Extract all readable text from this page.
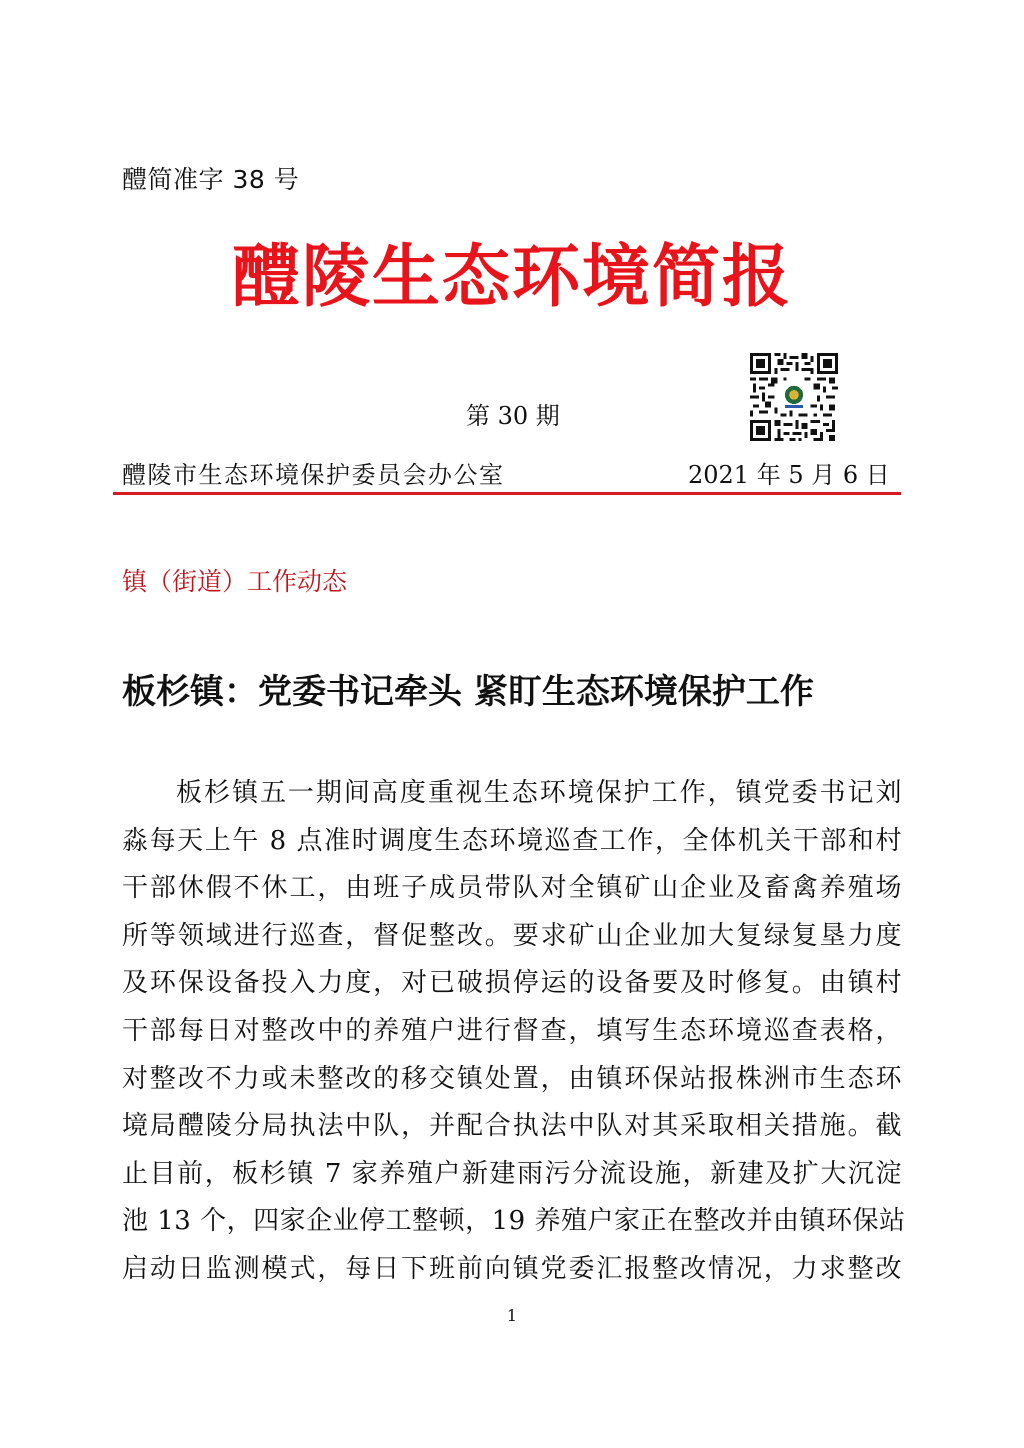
醴简准字 38 号
醴陵生态环境简报
第 30 期
醴陵市生态环境保护委员会办公室	2021 年 5 月 6 日
镇（街道）工作动态
板杉镇：党委书记牵头 紧盯生态环境保护工作
板杉镇五一期间高度重视生态环境保护工作，镇党委书记刘
淼每天上午 8 点准时调度生态环境巡查工作，全体机关干部和村
干部休假不休工，由班子成员带队对全镇矿山企业及畜禽养殖场
所等领域进行巡查，督促整改。要求矿山企业加大复绿复垦力度
及环保设备投入力度，对已破损停运的设备要及时修复。由镇村
干部每日对整改中的养殖户进行督查，填写生态环境巡查表格，
对整改不力或未整改的移交镇处置，由镇环保站报株洲市生态环
境局醴陵分局执法中队，并配合执法中队对其采取相关措施。截
止目前，板杉镇 7 家养殖户新建雨污分流设施，新建及扩大沉淀
池 13 个，四家企业停工整顿，19 养殖户家正在整改并由镇环保站
启动日监测模式，每日下班前向镇党委汇报整改情况，力求整改
1
